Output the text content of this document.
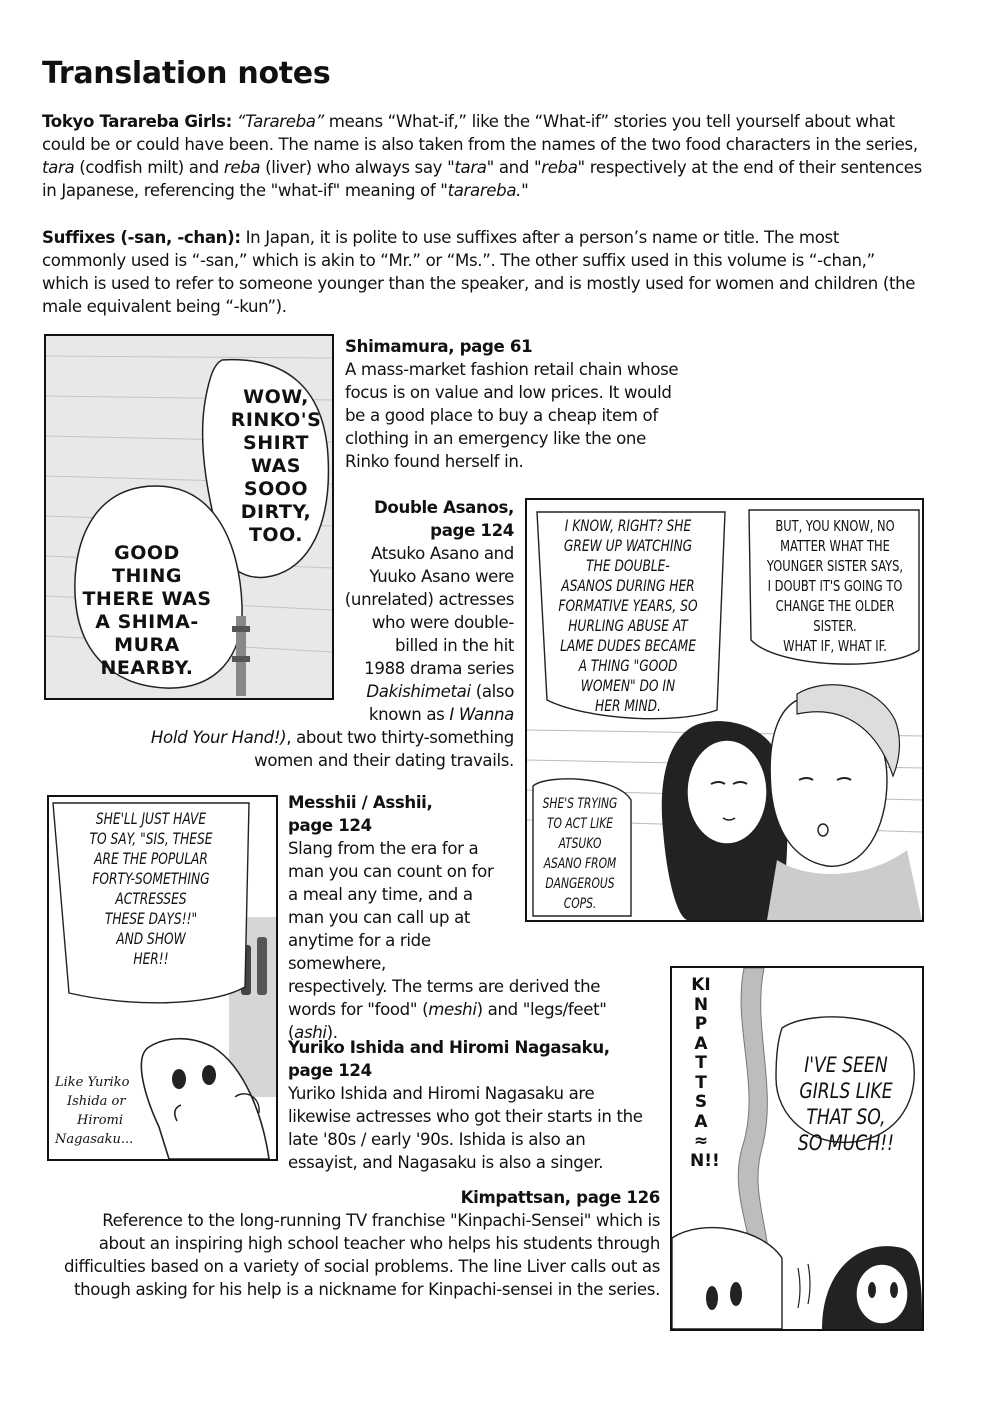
Translation notes

Tokyo Tarareba Girls: “Tarareba” means “What-if,” like the “What-if” stories you tell yourself about what could be or could have been. The name is also taken from the names of the two food characters in the series, tara (codfish milt) and reba (liver) who always say "tara" and "reba" respectively at the end of their sentences in Japanese, referencing the "what-if" meaning of "tarareba."

Suffixes (-san, -chan): In Japan, it is polite to use suffixes after a person’s name or title. The most commonly used is “-san,” which is akin to “Mr.” or “Ms.”. The other suffix used in this volume is “-chan,” which is used to refer to someone younger than the speaker, and is mostly used for women and children (the male equivalent being “-kun”).

WOW,
RINKO'S
SHIRT
WAS
SOOO
DIRTY,
TOO.
GOOD
THING
THERE WAS
A SHIMA-
MURA
NEARBY.
Shimamura, page 61
A mass-market fashion retail chain whose focus is on value and low prices. It would be a good place to buy a cheap item of clothing in an emergency like the one Rinko found herself in.
Double Asanos,
page 124
Atsuko Asano and
Yuuko Asano were
(unrelated) actresses
who were double-
billed in the hit
1988 drama series
Dakishimetai (also
known as I Wanna
Hold Your Hand!), about two thirty-something
women and their dating travails.
I KNOW, RIGHT? SHE
GREW UP WATCHING
THE DOUBLE-
ASANOS DURING HER
FORMATIVE YEARS, SO
HURLING ABUSE AT
LAME DUDES BECAME
A THING "GOOD
WOMEN" DO IN
HER MIND.
BUT, YOU KNOW, NO
MATTER WHAT THE
YOUNGER SISTER SAYS,
I DOUBT IT'S GOING TO
CHANGE THE OLDER SISTER.
WHAT IF, WHAT IF.
SHE'S TRYING
TO ACT LIKE
ATSUKO
ASANO FROM
DANGEROUS
COPS.
SHE'LL JUST HAVE
TO SAY, "SIS, THESE
ARE THE POPULAR
FORTY-SOMETHING
ACTRESSES
THESE DAYS!!"
AND SHOW
HER!!
Like Yuriko
Ishida or
Hiromi
Nagasaku...
Messhii / Asshii,
page 124
Slang from the era for a man you can count on for a meal any time, and a man you can call up at anytime for a ride somewhere,
respectively. The terms are derived the words for "food" (meshi) and "legs/feet" (ashi).
Yuriko Ishida and Hiromi Nagasaku,
page 124
Yuriko Ishida and Hiromi Nagasaku are likewise actresses who got their starts in the late '80s / early '90s. Ishida is also an essayist, and Nagasaku is also a singer.
Kimpattsan, page 126
Reference to the long-running TV franchise "Kinpachi-Sensei" which is about an inspiring high school teacher who helps his students through difficulties based on a variety of social problems. The line Liver calls out as though asking for his help is a nickname for Kinpachi-sensei in the series.
KINPATTSA≈N!!
I'VE SEEN
GIRLS LIKE
THAT SO,
SO MUCH!!
